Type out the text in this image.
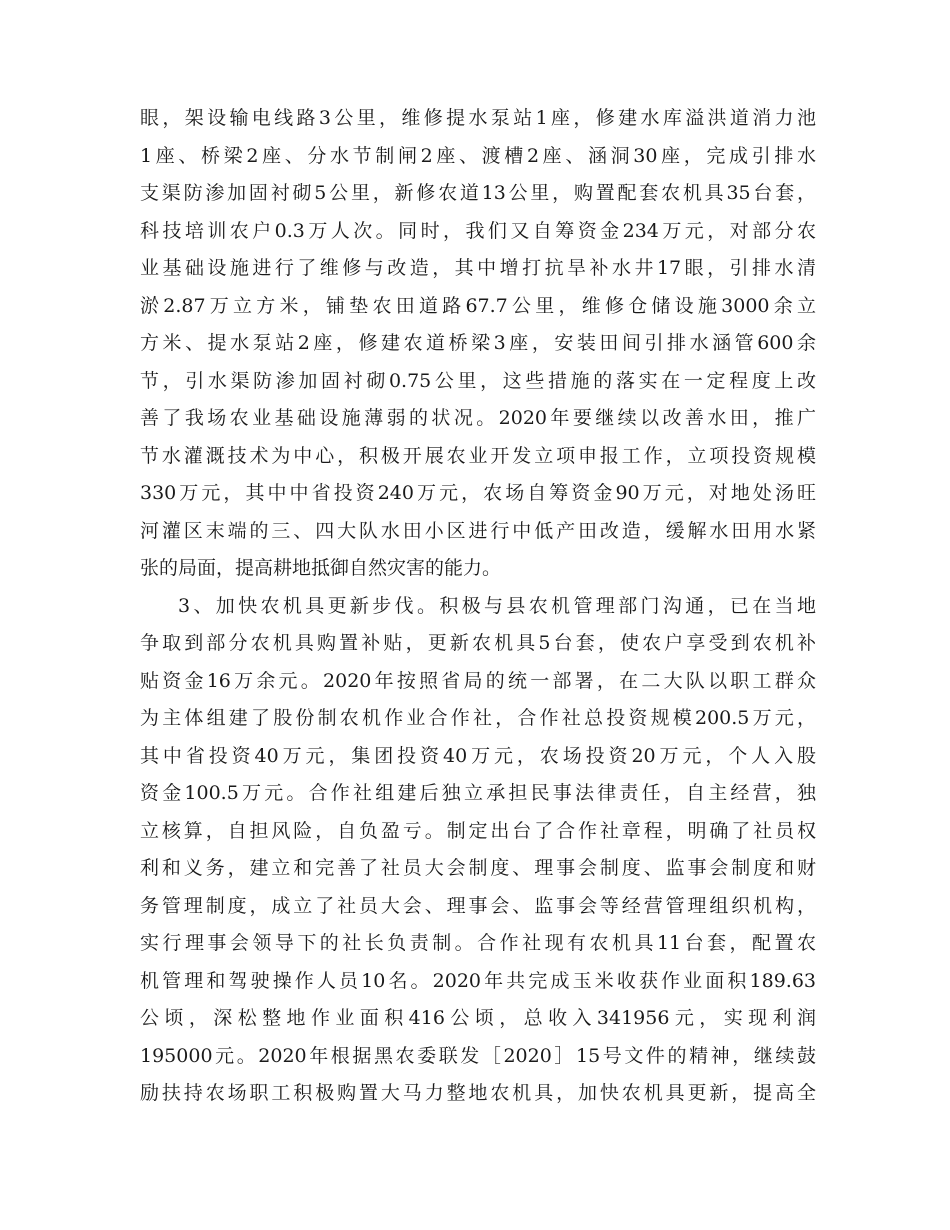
眼，架设输电线路3公里，维修提水泵站1座，修建水库溢洪道消力池
1座、桥梁2座、分水节制闸2座、渡槽2座、涵洞30座，完成引排水
支渠防渗加固衬砌5公里，新修农道13公里，购置配套农机具35台套，
科技培训农户0.3万人次。同时，我们又自筹资金234万元，对部分农
业基础设施进行了维修与改造，其中增打抗旱补水井17眼，引排水清
淤2.87万立方米，铺垫农田道路67.7公里，维修仓储设施3000余立
方米、提水泵站2座，修建农道桥梁3座，安装田间引排水涵管600余
节，引水渠防渗加固衬砌0.75公里，这些措施的落实在一定程度上改
善了我场农业基础设施薄弱的状况。2020年要继续以改善水田，推广
节水灌溉技术为中心，积极开展农业开发立项申报工作，立项投资规模
330万元，其中中省投资240万元，农场自筹资金90万元，对地处汤旺
河灌区末端的三、四大队水田小区进行中低产田改造，缓解水田用水紧
张的局面，提高耕地抵御自然灾害的能力。
3、加快农机具更新步伐。积极与县农机管理部门沟通，已在当地
争取到部分农机具购置补贴，更新农机具5台套，使农户享受到农机补
贴资金16万余元。2020年按照省局的统一部署，在二大队以职工群众
为主体组建了股份制农机作业合作社，合作社总投资规模200.5万元，
其中省投资40万元，集团投资40万元，农场投资20万元，个人入股
资金100.5万元。合作社组建后独立承担民事法律责任，自主经营，独
立核算，自担风险，自负盈亏。制定出台了合作社章程，明确了社员权
利和义务，建立和完善了社员大会制度、理事会制度、监事会制度和财
务管理制度，成立了社员大会、理事会、监事会等经营管理组织机构，
实行理事会领导下的社长负责制。合作社现有农机具11台套，配置农
机管理和驾驶操作人员10名。2020年共完成玉米收获作业面积189.63
公顷，深松整地作业面积416公顷，总收入341956元，实现利润
195000元。2020年根据黑农委联发［2020］15号文件的精神，继续鼓
励扶持农场职工积极购置大马力整地农机具，加快农机具更新，提高全
